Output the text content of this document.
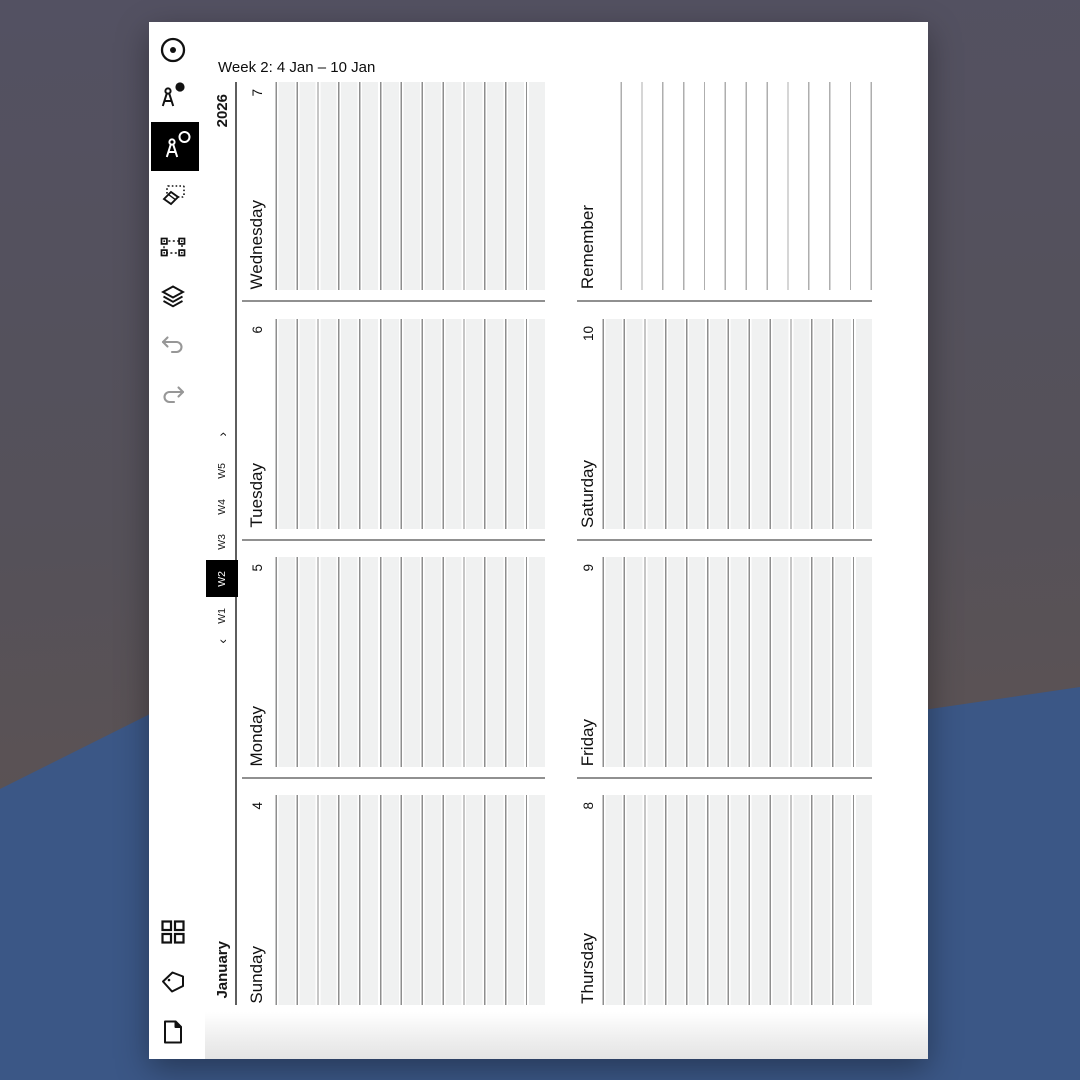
2026
›
W5
W4
W3
W2
W1
‹
January
Week 2: 4 Jan – 10 Jan
7
Wednesday
6
Tuesday
5
Monday
4
Sunday
Remember
10
Saturday
9
Friday
8
Thursday
